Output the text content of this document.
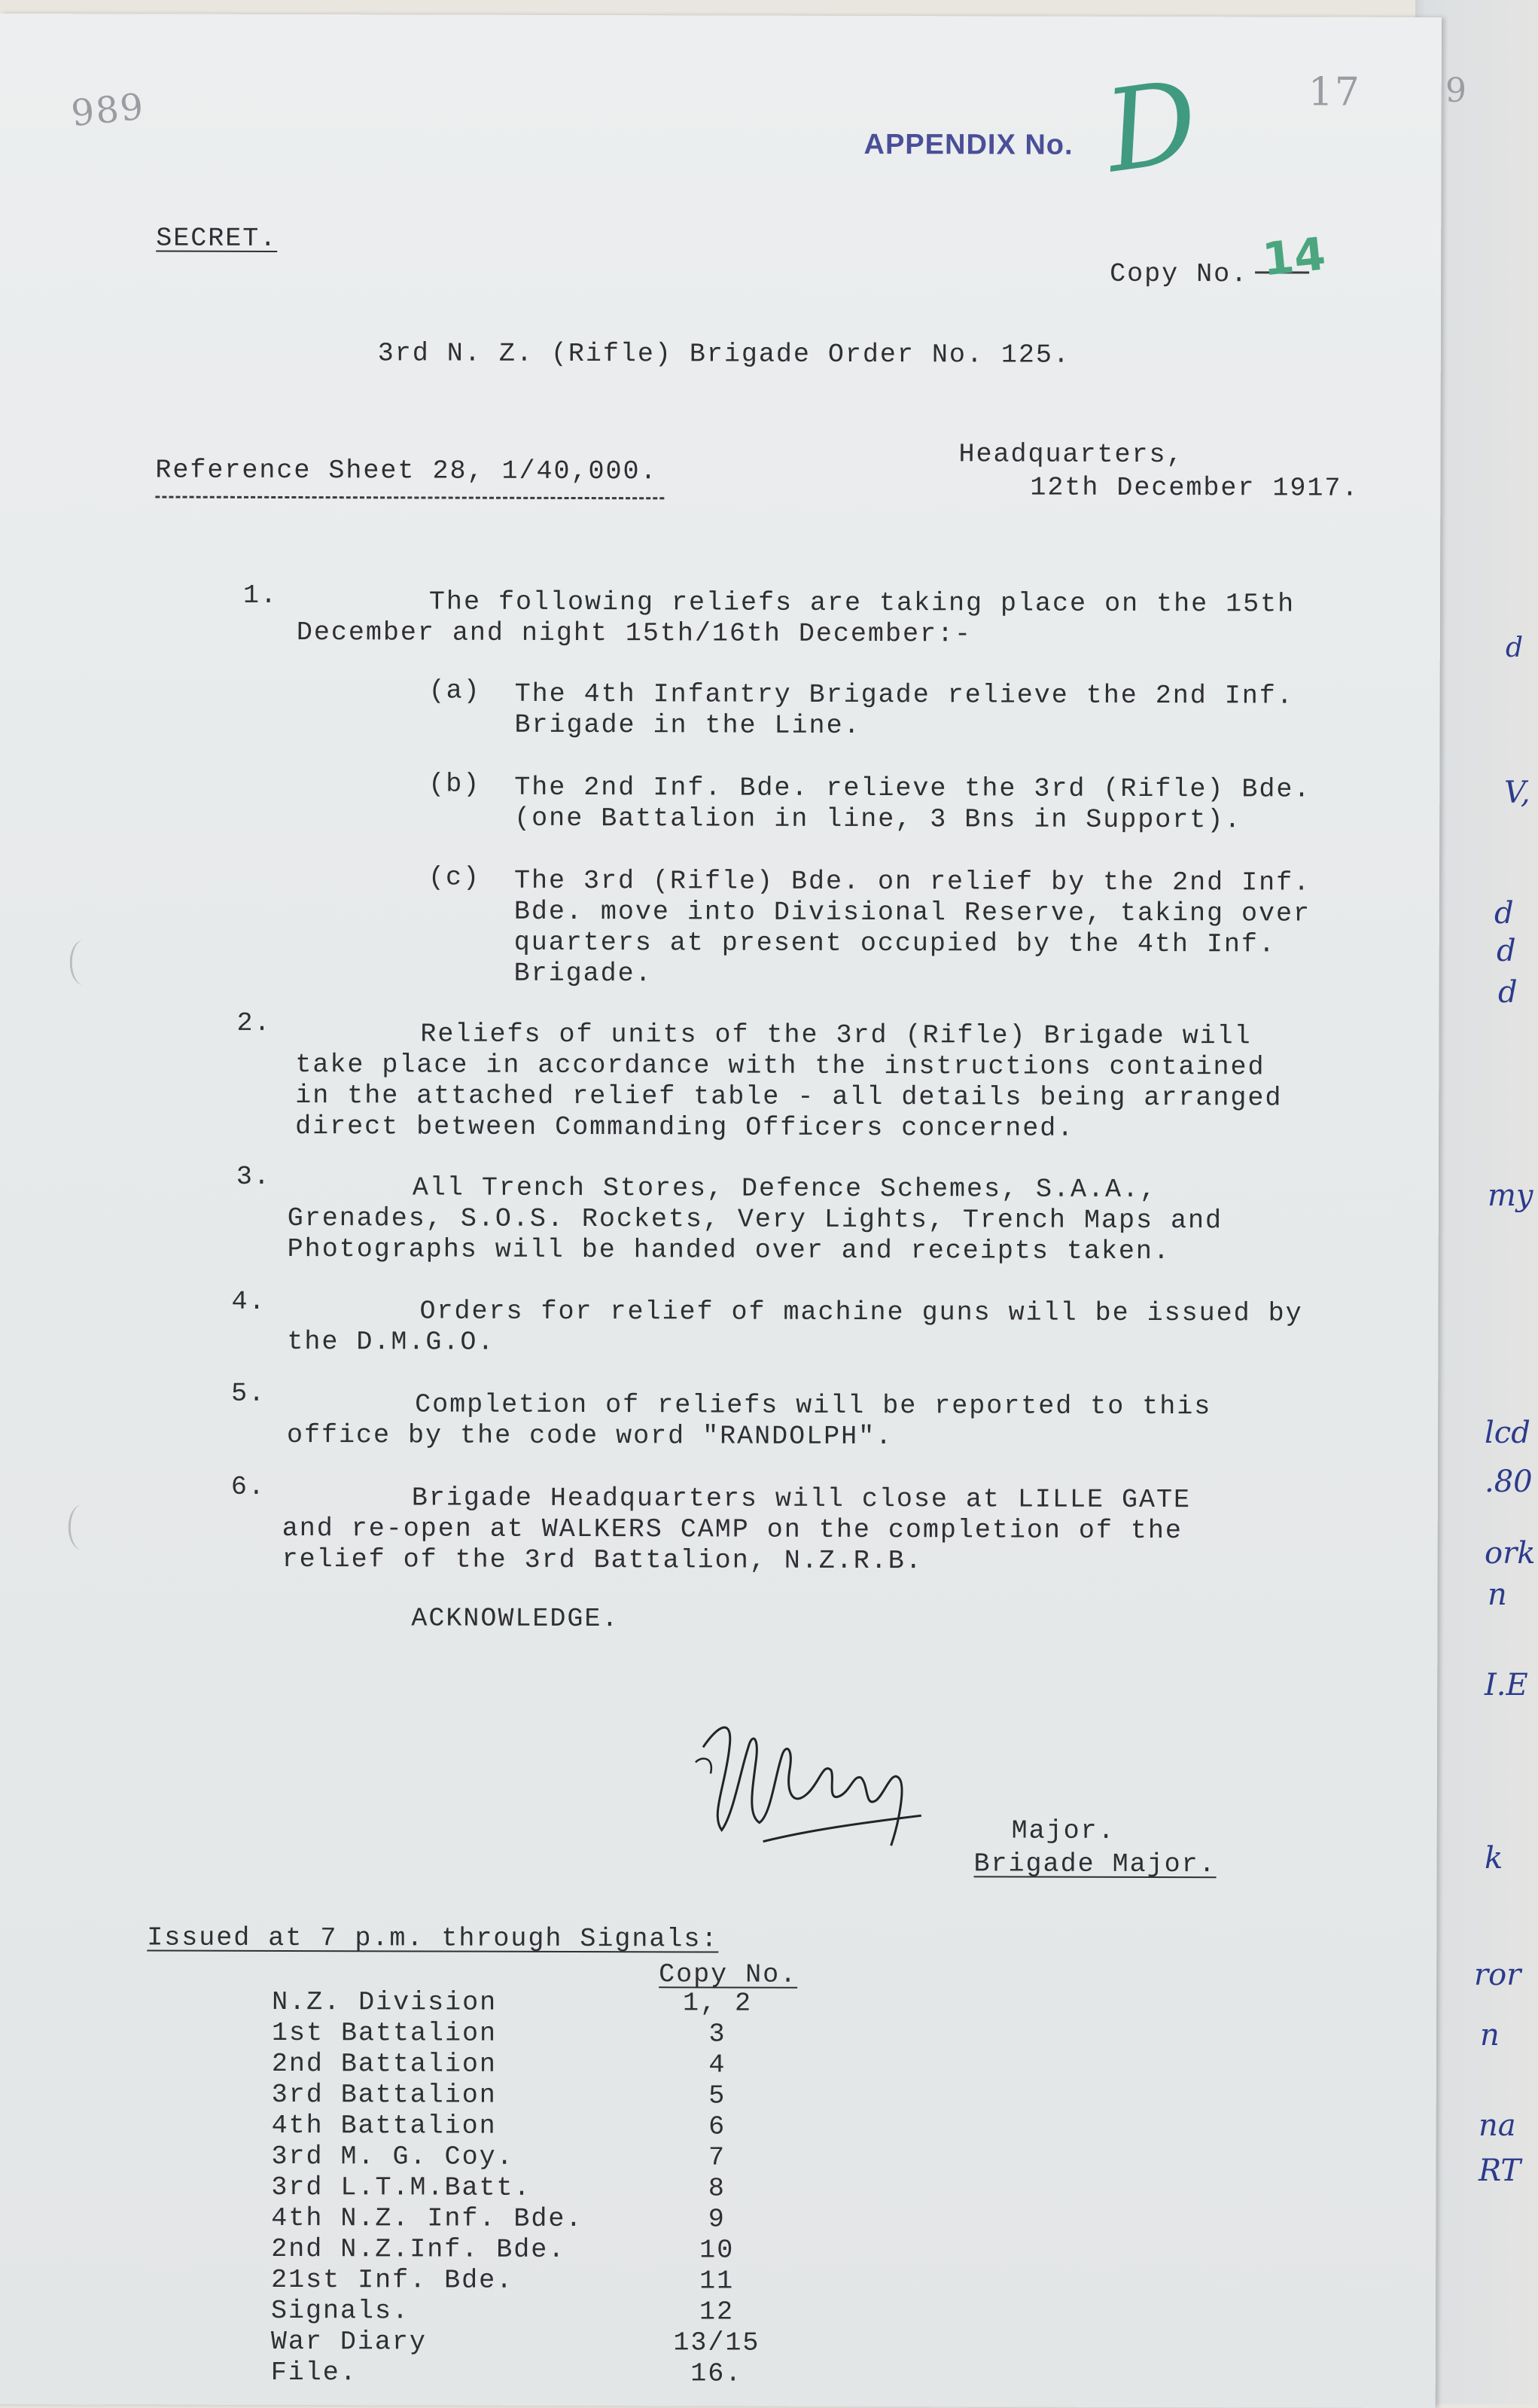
9
d
V,
d
d
d
my
lcd
.80
ork
n
I.E
k
ror
n
na
RT
989
APPENDIX No. D	17
SECRET.
Copy No. 14
3rd N. Z. (Rifle) Brigade Order No. 125.
Reference Sheet 28, 1/40,000.
Headquarters,
12th December 1917.
1.	The following reliefs are taking place on the 15th
December and night 15th/16th December:-
(a) The 4th Infantry Brigade relieve the 2nd Inf.
Brigade in the Line.
(b) The 2nd Inf. Bde. relieve the 3rd (Rifle) Bde.
(one Battalion in line, 3 Bns in Support).
(c) The 3rd (Rifle) Bde. on relief by the 2nd Inf.
Bde. move into Divisional Reserve, taking over
quarters at present occupied by the 4th Inf.
Brigade.
2.	Reliefs of units of the 3rd (Rifle) Brigade will
take place in accordance with the instructions contained
in the attached relief table - all details being arranged
direct between Commanding Officers concerned.
3.	All Trench Stores, Defence Schemes, S.A.A.,
Grenades, S.O.S. Rockets, Very Lights, Trench Maps and
Photographs will be handed over and receipts taken.
4.	Orders for relief of machine guns will be issued by
the D.M.G.O.
5.	Completion of reliefs will be reported to this
office by the code word "RANDOLPH".
6.	Brigade Headquarters will close at LILLE GATE
and re-open at WALKERS CAMP on the completion of the
relief of the 3rd Battalion, N.Z.R.B.
ACKNOWLEDGE.
Major.
Brigade Major.
Issued at 7 p.m. through Signals:
Copy No.
N.Z. Division	1, 2
1st Battalion	3
2nd Battalion	4
3rd Battalion	5
4th Battalion	6
3rd M. G. Coy.	7
3rd L.T.M.Batt.	8
4th N.Z. Inf. Bde.	9
2nd N.Z.Inf. Bde.	10
21st Inf. Bde.	11
Signals.	12
War Diary	13/15
File.	16.
